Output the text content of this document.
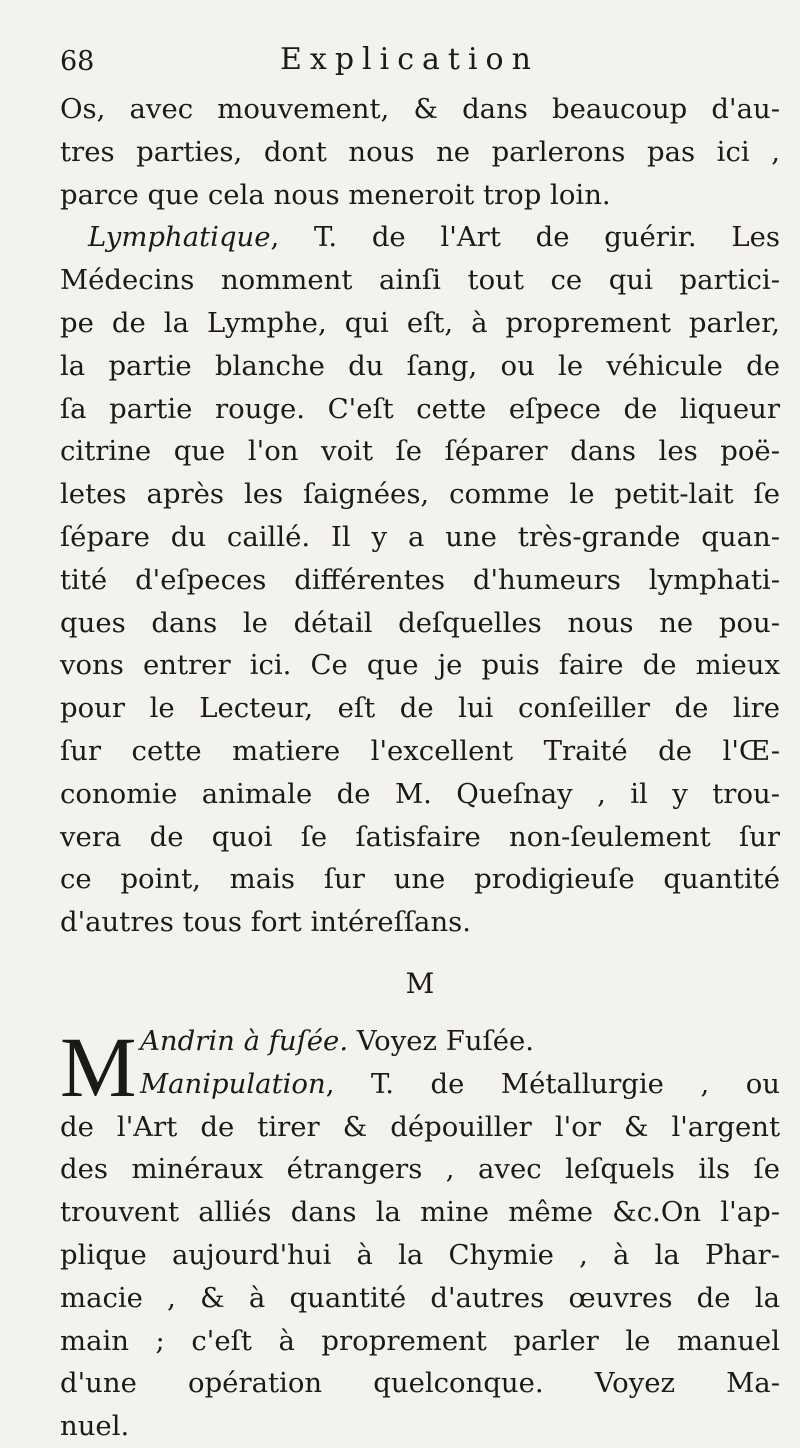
68	Explication
Os, avec mouvement, & dans beaucoup d'au-
tres parties, dont nous ne parlerons pas ici ,
parce que cela nous meneroit trop loin.
Lymphatique, T. de l'Art de guérir. Les
Médecins nomment ainſi tout ce qui partici-
pe de la Lymphe, qui eſt, à proprement parler,
la partie blanche du ſang, ou le véhicule de
ſa partie rouge. C'eſt cette eſpece de liqueur
citrine que l'on voit ſe ſéparer dans les poë-
letes après les ſaignées, comme le petit-lait ſe
ſépare du caillé. Il y a une très-grande quan-
tité d'eſpeces différentes d'humeurs lymphati-
ques dans le détail deſquelles nous ne pou-
vons entrer ici. Ce que je puis faire de mieux
pour le Lecteur, eſt de lui conſeiller de lire
ſur cette matiere l'excellent Traité de l'Œ-
conomie animale de M. Queſnay , il y trou-
vera de quoi ſe ſatisfaire non-ſeulement ſur
ce point, mais ſur une prodigieuſe quantité
d'autres tous fort intéreſſans.
M
M Andrin à fuſée. Voyez Fuſée.
Manipulation, T. de Métallurgie , ou
de l'Art de tirer & dépouiller l'or & l'argent
des minéraux étrangers , avec leſquels ils ſe
trouvent alliés dans la mine même &c.On l'ap-
plique aujourd'hui à la Chymie , à la Phar-
macie , & à quantité d'autres œuvres de la
main ; c'eſt à proprement parler le manuel
d'une opération quelconque. Voyez Ma-
nuel.
